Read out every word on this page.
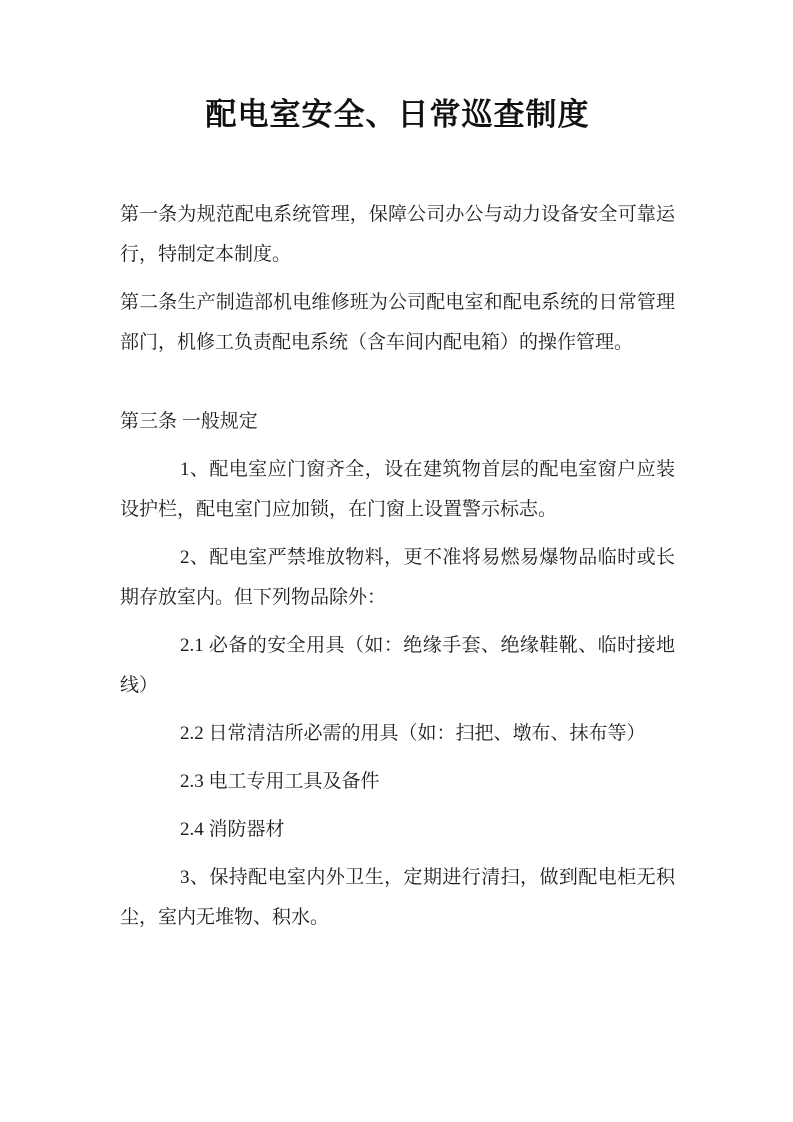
配电室安全、日常巡查制度

第一条为规范配电系统管理，保障公司办公与动力设备安全可靠运行，特制定本制度。

第二条生产制造部机电维修班为公司配电室和配电系统的日常管理部门，机修工负责配电系统（含车间内配电箱）的操作管理。

第三条 一般规定

1、配电室应门窗齐全，设在建筑物首层的配电室窗户应装设护栏，配电室门应加锁，在门窗上设置警示标志。

2、配电室严禁堆放物料，更不准将易燃易爆物品临时或长期存放室内。但下列物品除外：

2.1 必备的安全用具（如：绝缘手套、绝缘鞋靴、临时接地线）

2.2 日常清洁所必需的用具（如：扫把、墩布、抹布等）

2.3 电工专用工具及备件

2.4 消防器材

3、保持配电室内外卫生，定期进行清扫，做到配电柜无积尘，室内无堆物、积水。
